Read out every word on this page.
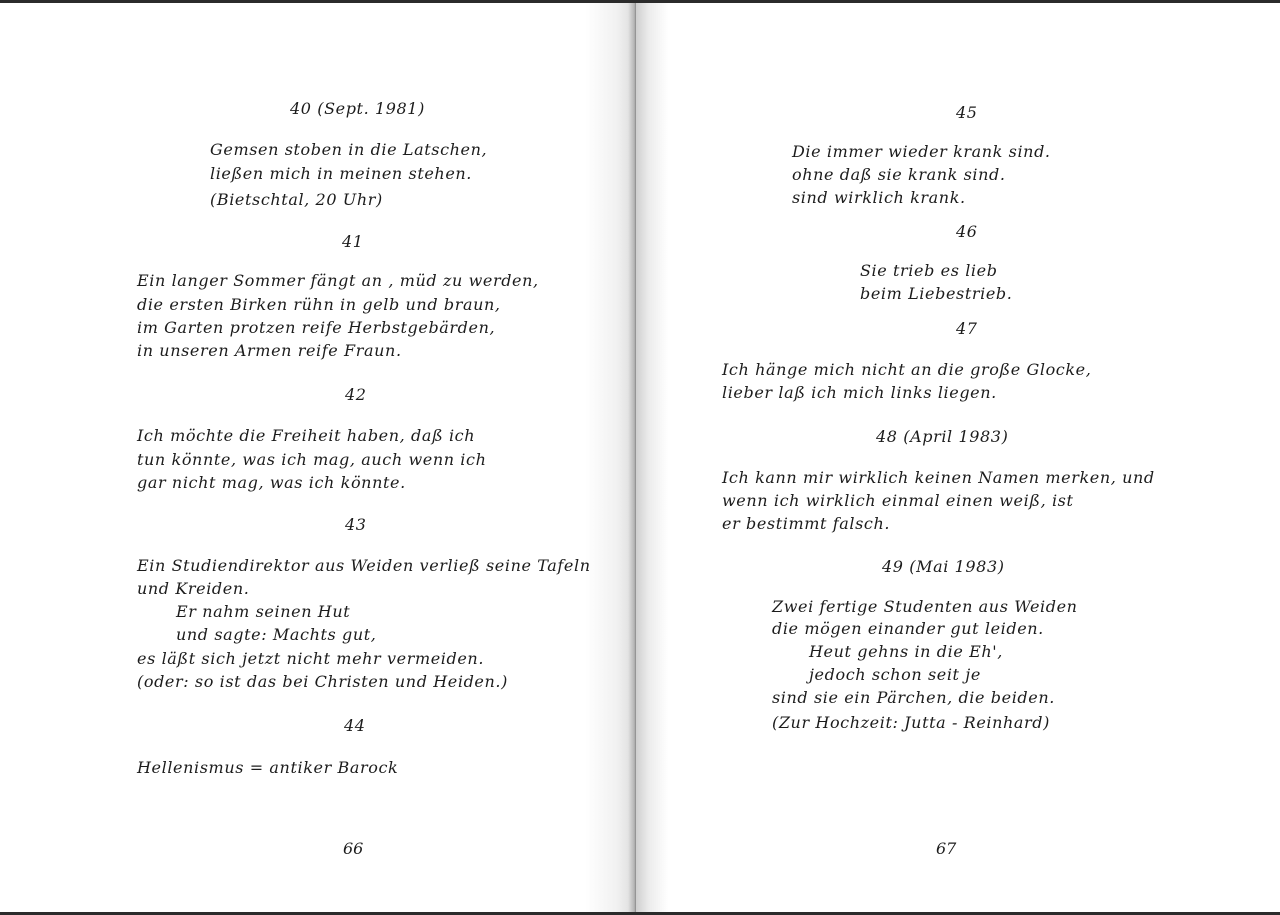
40 (Sept. 1981)

Gemsen stoben in die Latschen,

ließen mich in meinen stehen.

(Bietschtal, 20 Uhr)

41

Ein langer Sommer fängt an , müd zu werden,

die ersten Birken rühn in gelb und braun,

im Garten protzen reife Herbstgebärden,

in unseren Armen reife Fraun.

42

Ich möchte die Freiheit haben, daß ich

tun könnte, was ich mag, auch wenn ich

gar nicht mag, was ich könnte.

43

Ein Studiendirektor aus Weiden verließ seine Tafeln

und Kreiden.

Er nahm seinen Hut

und sagte: Machts gut,

es läßt sich jetzt nicht mehr vermeiden.

(oder: so ist das bei Christen und Heiden.)

44

Hellenismus = antiker Barock

66

45

Die immer wieder krank sind.

ohne daß sie krank sind.

sind wirklich krank.

46

Sie trieb es lieb

beim Liebestrieb.

47

Ich hänge mich nicht an die große Glocke,

lieber laß ich mich links liegen.

48 (April 1983)

Ich kann mir wirklich keinen Namen merken, und

wenn ich wirklich einmal einen weiß, ist

er bestimmt falsch.

49 (Mai 1983)

Zwei fertige Studenten aus Weiden

die mögen einander gut leiden.

Heut gehns in die Eh',

jedoch schon seit je

sind sie ein Pärchen, die beiden.

(Zur Hochzeit: Jutta - Reinhard)

67
